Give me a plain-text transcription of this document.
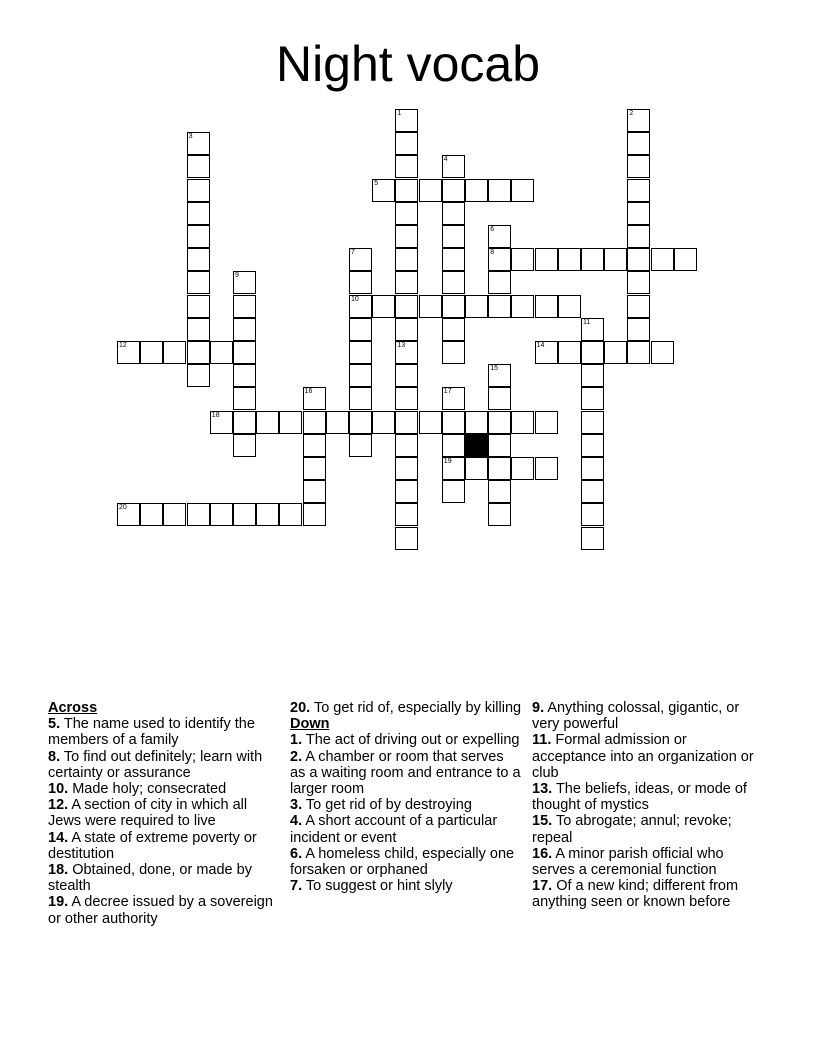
Night vocab
1
13
2
3
4
5
6
8
7
10
9
11
12	14
15
16	17
19
18
20
Across
5. The name used to identify the members of a family
8. To find out definitely; learn with certainty or assurance
10. Made holy; consecrated
12. A section of city in which all Jews were required to live
14. A state of extreme poverty or destitution
18. Obtained, done, or made by stealth
19. A decree issued by a sovereign or other authority
20. To get rid of, especially by killing
Down
1. The act of driving out or expelling
2. A chamber or room that serves as a waiting room and entrance to a larger room
3. To get rid of by destroying
4. A short account of a particular incident or event
6. A homeless child, especially one forsaken or orphaned
7. To suggest or hint slyly
9. Anything colossal, gigantic, or very powerful
11. Formal admission or acceptance into an organization or club
13. The beliefs, ideas, or mode of thought of mystics
15. To abrogate; annul; revoke; repeal
16. A minor parish official who serves a ceremonial function
17. Of a new kind; different from anything seen or known before
